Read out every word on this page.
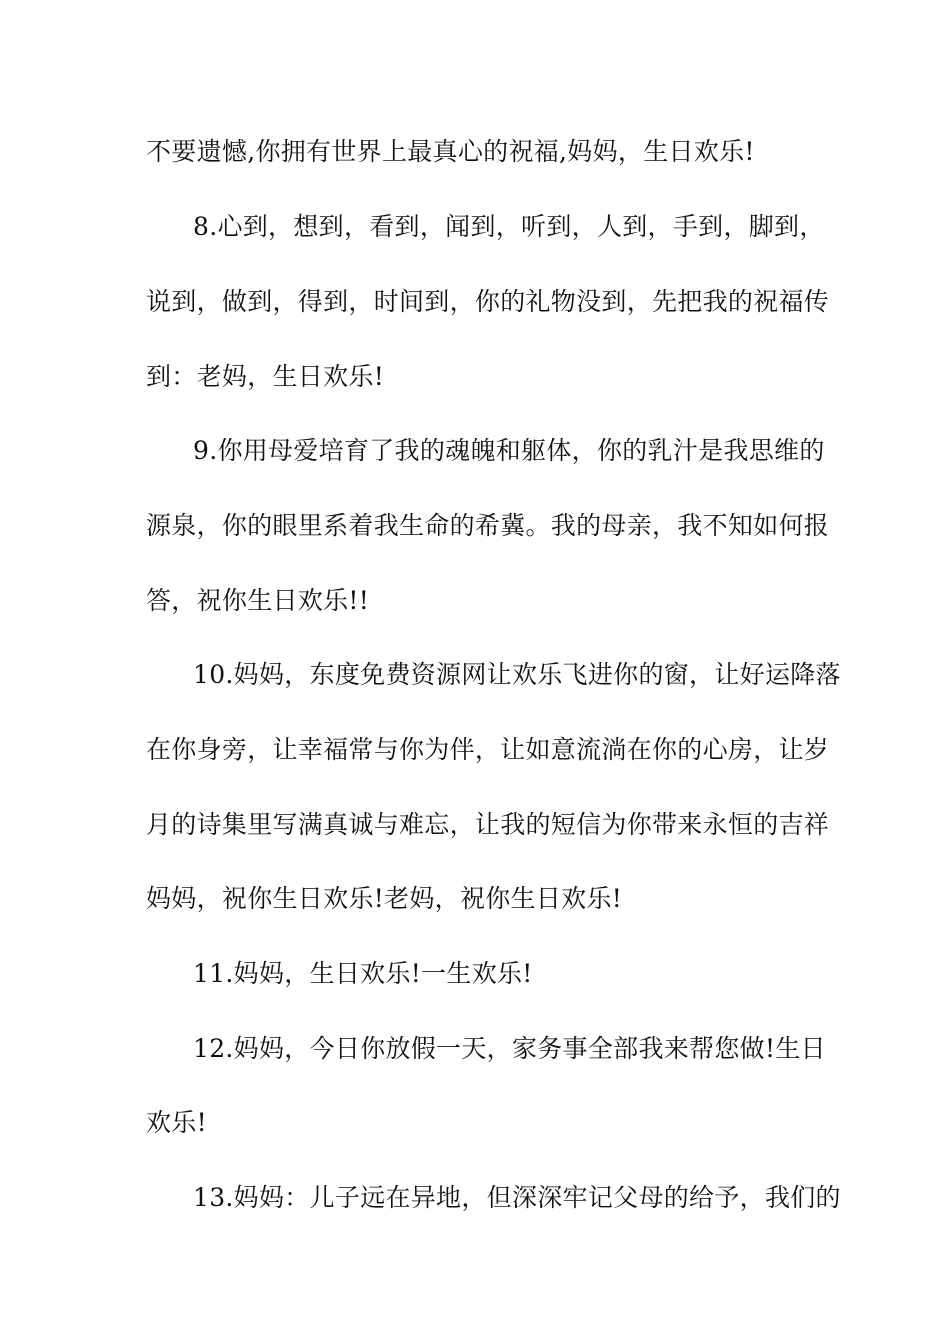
不要遗憾,你拥有世界上最真心的祝福,妈妈，生日欢乐!
8.心到，想到，看到，闻到，听到，人到，手到，脚到，
说到，做到，得到，时间到，你的礼物没到，先把我的祝福传
到：老妈，生日欢乐!
9.你用母爱培育了我的魂魄和躯体，你的乳汁是我思维的
源泉，你的眼里系着我生命的希冀。我的母亲，我不知如何报
答，祝你生日欢乐!!
10.妈妈，东度免费资源网让欢乐飞进你的窗，让好运降落
在你身旁，让幸福常与你为伴，让如意流淌在你的心房，让岁
月的诗集里写满真诚与难忘，让我的短信为你带来永恒的吉祥
妈妈，祝你生日欢乐!老妈，祝你生日欢乐!
11.妈妈，生日欢乐!一生欢乐!
12.妈妈，今日你放假一天，家务事全部我来帮您做!生日
欢乐!
13.妈妈：儿子远在异地，但深深牢记父母的给予，我们的
